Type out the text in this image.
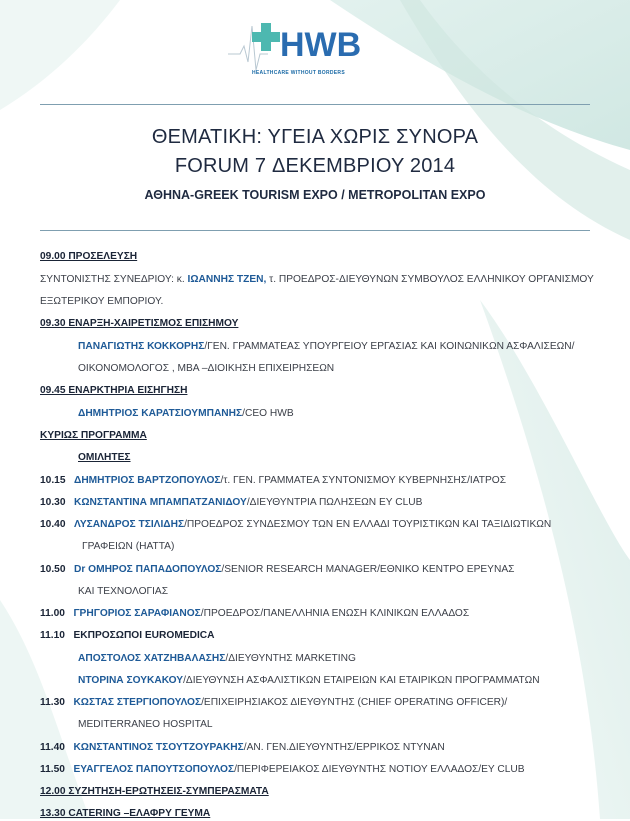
HWB
HEALTHCARE WITHOUT BORDERS
ΘΕΜΑΤΙΚΗ: ΥΓΕΙΑ ΧΩΡΙΣ ΣΥΝΟΡΑ
FORUM 7 ΔΕΚΕΜΒΡΙΟΥ 2014
ΑΘΗΝΑ-GREEK TOURISM EXPO / METROPOLITAN EXPO
09.00 ΠΡΟΣΕΛΕΥΣΗ
ΣΥΝΤΟΝΙΣΤΗΣ ΣΥΝΕΔΡΙΟΥ: κ. ΙΩΑΝΝΗΣ ΤΖΕΝ, τ. ΠΡΟΕΔΡΟΣ-ΔΙΕΥΘΥΝΩΝ ΣΥΜΒΟΥΛΟΣ ΕΛΛΗΝΙΚΟΥ ΟΡΓΑΝΙΣΜΟΥ
ΕΞΩΤΕΡΙΚΟΥ ΕΜΠΟΡΙΟΥ.
09.30 ΕΝΑΡΞΗ-ΧΑΙΡΕΤΙΣΜΟΣ ΕΠΙΣΗΜΟΥ
ΠΑΝΑΓΙΩΤΗΣ ΚΟΚΚΟΡΗΣ/ΓΕΝ. ΓΡΑΜΜΑΤΕΑΣ ΥΠΟΥΡΓΕΙΟΥ ΕΡΓΑΣΙΑΣ ΚΑΙ ΚΟΙΝΩΝΙΚΩΝ ΑΣΦΑΛΙΣΕΩΝ/
ΟΙΚΟΝΟΜΟΛΟΓΟΣ , ΜΒΑ –ΔΙΟΙΚΗΣΗ ΕΠΙΧΕΙΡΗΣΕΩΝ
09.45 ΕΝΑΡΚΤΗΡΙΑ ΕΙΣΗΓΗΣΗ
ΔΗΜΗΤΡΙΟΣ ΚΑΡΑΤΣΙΟΥΜΠΑΝΗΣ/CEO HWB
ΚΥΡΙΩΣ ΠΡΟΓΡΑΜΜΑ
ΟΜΙΛΗΤΕΣ
10.15 ΔΗΜΗΤΡΙΟΣ ΒΑΡΤΖΟΠΟΥΛΟΣ/τ. ΓΕΝ. ΓΡΑΜΜΑΤΕΑ ΣΥΝΤΟΝΙΣΜΟΥ ΚΥΒΕΡΝΗΣΗΣ/ΙΑΤΡΟΣ
10.30 ΚΩΝΣΤΑΝΤΙΝΑ ΜΠΑΜΠΑΤΖΑΝΙΔΟΥ/ΔΙΕΥΘΥΝΤΡΙΑ ΠΩΛΗΣΕΩΝ EY CLUB
10.40 ΛΥΣΑΝΔΡΟΣ ΤΣΙΛΙΔΗΣ/ΠΡΟΕΔΡΟΣ ΣΥΝΔΕΣΜΟΥ ΤΩΝ ΕΝ ΕΛΛΑΔΙ ΤΟΥΡΙΣΤΙΚΩΝ ΚΑΙ ΤΑΞΙΔΙΩΤΙΚΩΝ
ΓΡΑΦΕΙΩΝ (ΗΑΤΤΑ)
10.50 Dr ΟΜΗΡΟΣ ΠΑΠΑΔΟΠΟΥΛΟΣ/SENIOR RESEARCH MANAGER/ΕΘΝΙΚΟ ΚΕΝΤΡΟ ΕΡΕΥΝΑΣ
ΚΑΙ ΤΕΧΝΟΛΟΓΙΑΣ
11.00 ΓΡΗΓΟΡΙΟΣ ΣΑΡΑΦΙΑΝΟΣ/ΠΡΟΕΔΡΟΣ/ΠΑΝΕΛΛΗΝΙΑ ΕΝΩΣΗ ΚΛΙΝΙΚΩΝ ΕΛΛΑΔΟΣ
11.10 ΕΚΠΡΟΣΩΠΟΙ EUROMEDICA
ΑΠΟΣΤΟΛΟΣ ΧΑΤΖΗΒΑΛΑΣΗΣ/ΔΙΕΥΘΥΝΤΗΣ MARKETING
ΝΤΟΡΙΝΑ ΣΟΥΚΑΚΟΥ/ΔΙΕΥΘΥΝΣΗ ΑΣΦΑΛΙΣΤΙΚΩΝ ΕΤΑΙΡΕΙΩΝ ΚΑΙ ΕΤΑΙΡΙΚΩΝ ΠΡΟΓΡΑΜΜΑΤΩΝ
11.30 ΚΩΣΤΑΣ ΣΤΕΡΓΙΟΠΟΥΛΟΣ/ΕΠΙΧΕΙΡΗΣΙΑΚΟΣ ΔΙΕΥΘΥΝΤΗΣ (CHIEF OPERATING OFFICER)/
MEDITERRANEO HOSPITAL
11.40 ΚΩΝΣΤΑΝΤΙΝΟΣ ΤΣΟΥΤΖΟΥΡΑΚΗΣ/ΑΝ. ΓΕΝ.ΔΙΕΥΘΥΝΤΗΣ/ΕΡΡΙΚΟΣ ΝΤΥΝΑΝ
11.50 ΕΥΑΓΓΕΛΟΣ ΠΑΠΟΥΤΣΟΠΟΥΛΟΣ/ΠΕΡΙΦΕΡΕΙΑΚΟΣ ΔΙΕΥΘΥΝΤΗΣ ΝΟΤΙΟΥ ΕΛΛΑΔΟΣ/EY CLUB
12.00 ΣΥΖΗΤΗΣΗ-ΕΡΩΤΗΣΕΙΣ-ΣΥΜΠΕΡΑΣΜΑΤΑ
13.30 CATERING –ΕΛΑΦΡΥ ΓΕΥΜΑ
